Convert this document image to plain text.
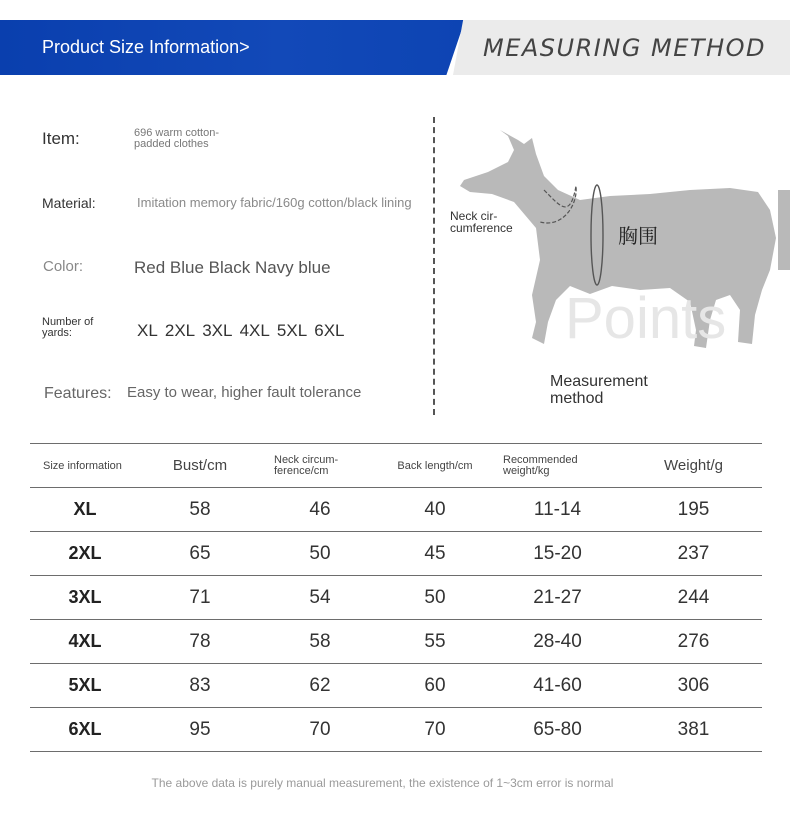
Product Size Information>	MEASURING METHOD
Item:	696 warm cotton-padded clothes
Material:	Imitation memory fabric/160g cotton/black lining
Color:	Red Blue Black Navy blue
Number of yards:	XL 2XL 3XL 4XL 5XL 6XL
Features: Easy to wear, higher fault tolerance
Neck cir-cumference	胸围
Points
Measurement method
Size information	Bust/cm	Neck circum-ference/cm	Back length/cm	Recommended weight/kg	Weight/g
XL	58	46	40	11-14	195
2XL	65	50	45	15-20	237
3XL	71	54	50	21-27	244
4XL	78	58	55	28-40	276
5XL	83	62	60	41-60	306
6XL	95	70	70	65-80	381
The above data is purely manual measurement, the existence of 1~3cm error is normal
